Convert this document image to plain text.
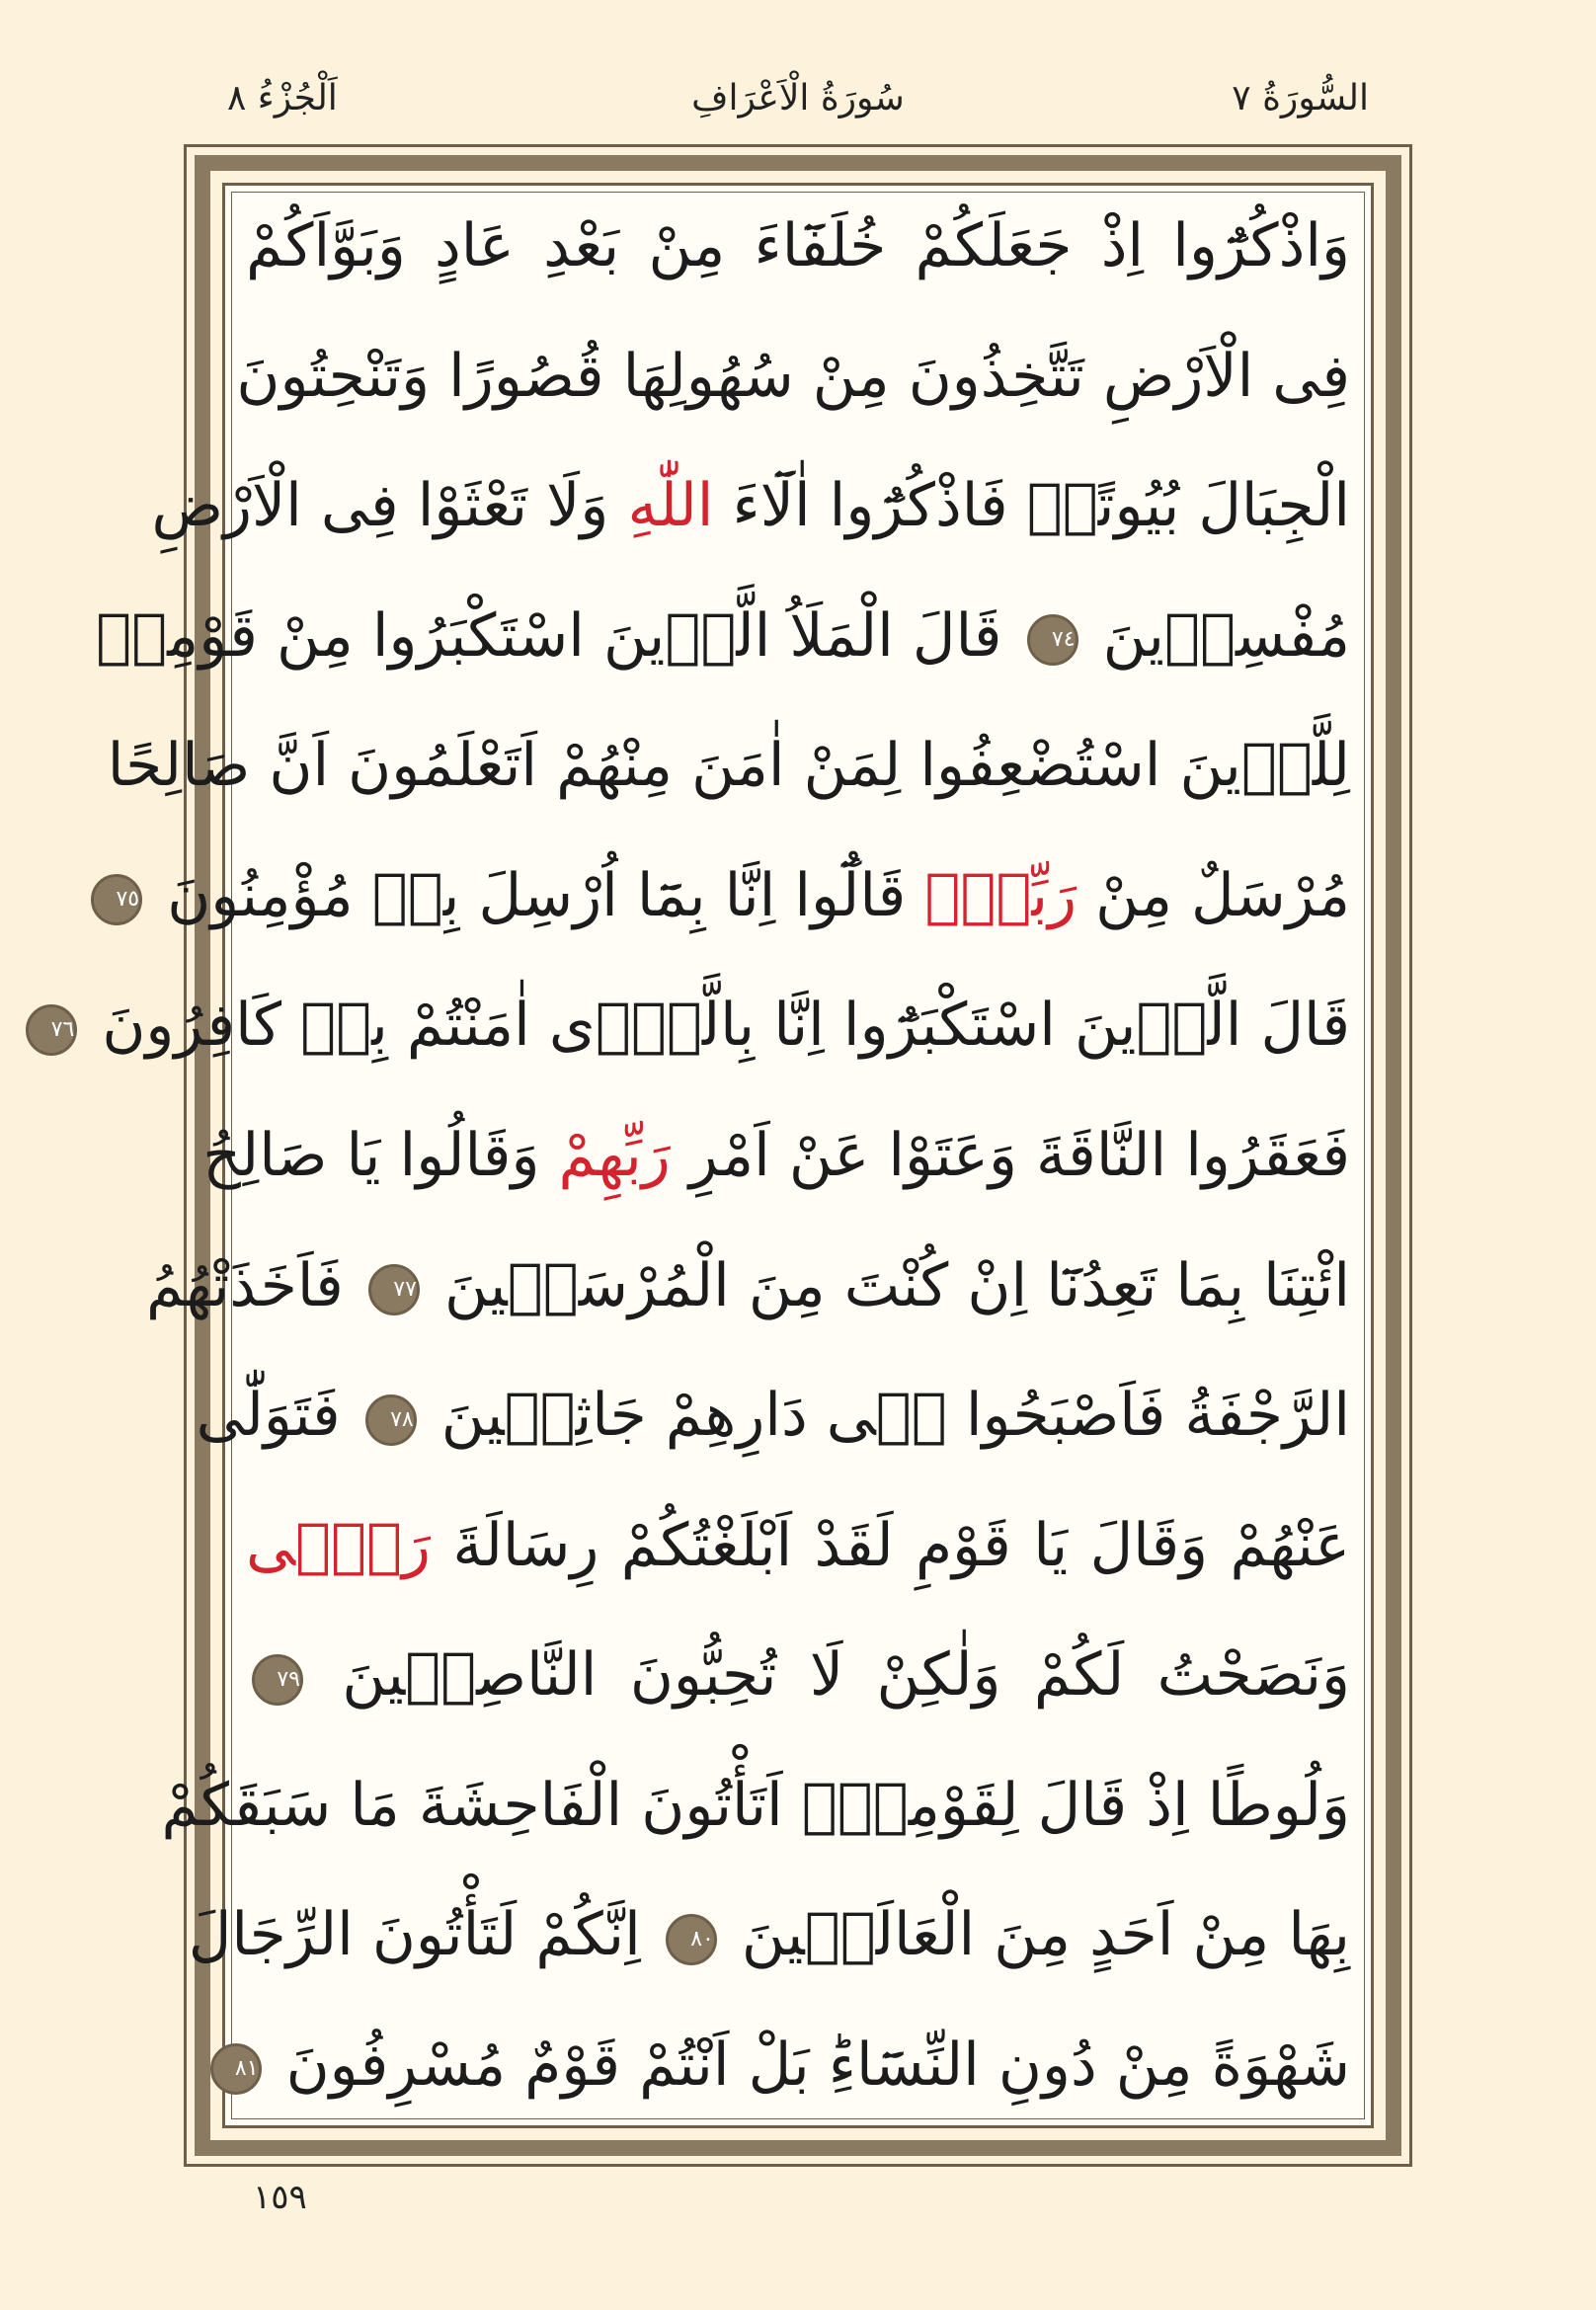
السُّورَةُ ٧
سُورَةُ الْاَعْرَافِ
اَلْجُزْءُ ٨
وَاذْكُرُٓوا اِذْ جَعَلَكُمْ خُلَفَٓاءَ مِنْ بَعْدِ عَادٍ وَبَوَّاَكُمْ
فِى الْاَرْضِ تَتَّخِذُونَ مِنْ سُهُولِهَا قُصُورًا وَتَنْحِتُونَ
الْجِبَالَ بُيُوتًاۚ فَاذْكُرُٓوا اٰلَٓاءَ اللّٰهِ وَلَا تَعْثَوْا فِى الْاَرْضِ
مُفْسِد۪ينَ ٧٤ قَالَ الْمَلَاُ الَّذ۪ينَ اسْتَكْبَرُوا مِنْ قَوْمِه۪
لِلَّذ۪ينَ اسْتُضْعِفُوا لِمَنْ اٰمَنَ مِنْهُمْ اَتَعْلَمُونَ اَنَّ صَالِحًا
مُرْسَلٌ مِنْ رَبِّه۪ؕ قَالُٓوا اِنَّا بِمَٓا اُرْسِلَ بِه۪ مُؤْمِنُونَ ٧٥
قَالَ الَّذ۪ينَ اسْتَكْبَرُٓوا اِنَّا بِالَّذ۪ٓى اٰمَنْتُمْ بِه۪ كَافِرُونَ ٧٦
فَعَقَرُوا النَّاقَةَ وَعَتَوْا عَنْ اَمْرِ رَبِّهِمْ وَقَالُوا يَا صَالِحُ
ائْتِنَا بِمَا تَعِدُنَٓا اِنْ كُنْتَ مِنَ الْمُرْسَل۪ينَ ٧٧ فَاَخَذَتْهُمُ
الرَّجْفَةُ فَاَصْبَحُوا ف۪ى دَارِهِمْ جَاثِم۪ينَ ٧٨ فَتَوَلّٰى
عَنْهُمْ وَقَالَ يَا قَوْمِ لَقَدْ اَبْلَغْتُكُمْ رِسَالَةَ رَبّ۪ى
وَنَصَحْتُ لَكُمْ وَلٰكِنْ لَا تُحِبُّونَ النَّاصِح۪ينَ ٧٩
وَلُوطًا اِذْ قَالَ لِقَوْمِه۪ٓ اَتَأْتُونَ الْفَاحِشَةَ مَا سَبَقَكُمْ
بِهَا مِنْ اَحَدٍ مِنَ الْعَالَم۪ينَ ٨٠ اِنَّكُمْ لَتَأْتُونَ الرِّجَالَ
شَهْوَةً مِنْ دُونِ النِّسَٓاءِؕ بَلْ اَنْتُمْ قَوْمٌ مُسْرِفُونَ ٨١
١٥٩
